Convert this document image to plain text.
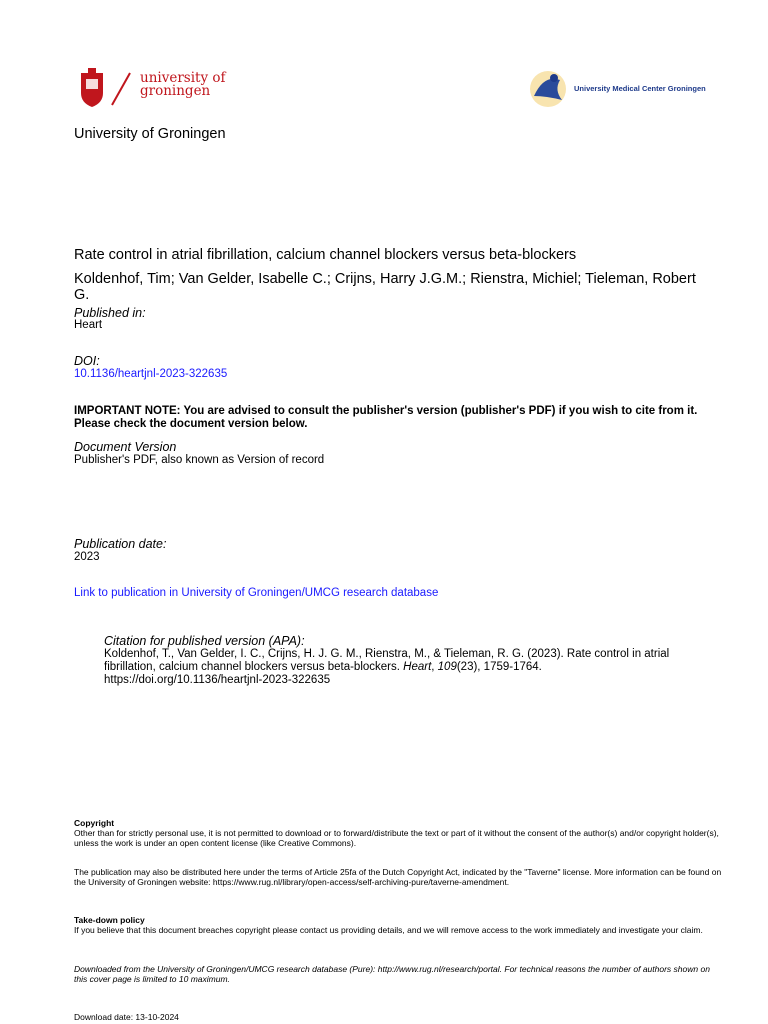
university of
groningen	University Medical Center Groningen
University of Groningen
Rate control in atrial fibrillation, calcium channel blockers versus beta-blockers
Koldenhof, Tim; Van Gelder, Isabelle C.; Crijns, Harry J.G.M.; Rienstra, Michiel; Tieleman, Robert G.
Published in:
Heart
DOI:
10.1136/heartjnl-2023-322635
IMPORTANT NOTE: You are advised to consult the publisher's version (publisher's PDF) if you wish to cite from it. Please check the document version below.
Document Version
Publisher's PDF, also known as Version of record
Publication date:
2023
Link to publication in University of Groningen/UMCG research database
Citation for published version (APA):
Koldenhof, T., Van Gelder, I. C., Crijns, H. J. G. M., Rienstra, M., & Tieleman, R. G. (2023). Rate control in atrial fibrillation, calcium channel blockers versus beta-blockers. Heart, 109(23), 1759-1764.
https://doi.org/10.1136/heartjnl-2023-322635
Copyright
Other than for strictly personal use, it is not permitted to download or to forward/distribute the text or part of it without the consent of the author(s) and/or copyright holder(s), unless the work is under an open content license (like Creative Commons).
The publication may also be distributed here under the terms of Article 25fa of the Dutch Copyright Act, indicated by the "Taverne" license. More information can be found on the University of Groningen website: https://www.rug.nl/library/open-access/self-archiving-pure/taverne-amendment.
Take-down policy
If you believe that this document breaches copyright please contact us providing details, and we will remove access to the work immediately and investigate your claim.
Downloaded from the University of Groningen/UMCG research database (Pure): http://www.rug.nl/research/portal. For technical reasons the number of authors shown on this cover page is limited to 10 maximum.
Download date: 13-10-2024
